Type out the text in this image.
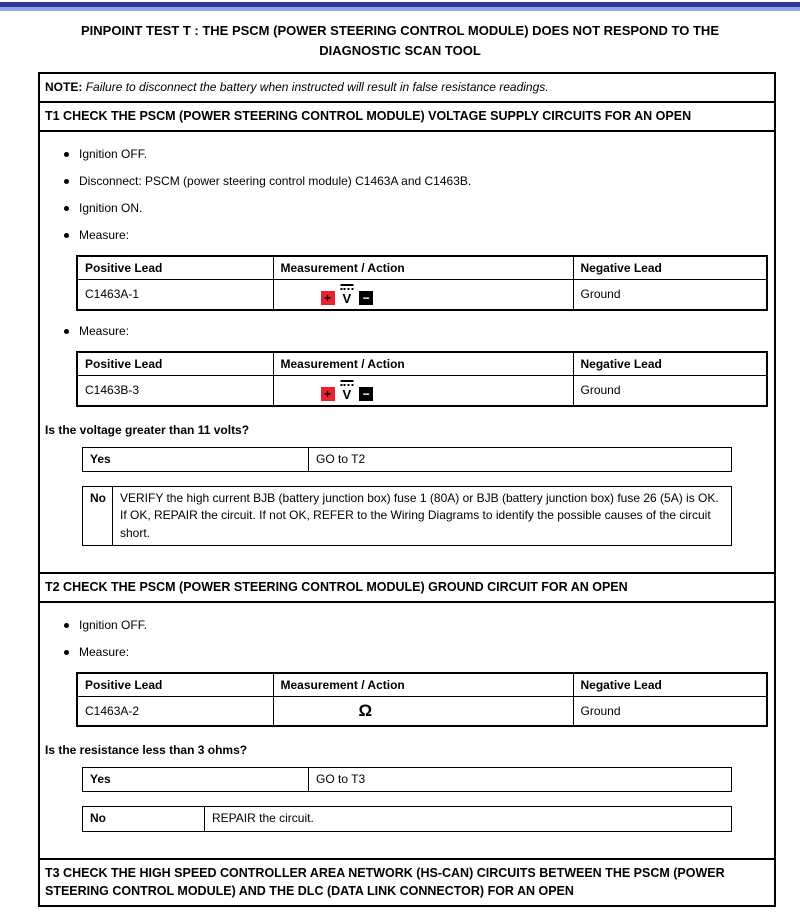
PINPOINT TEST T : THE PSCM (POWER STEERING CONTROL MODULE) DOES NOT RESPOND TO THE DIAGNOSTIC SCAN TOOL
NOTE: Failure to disconnect the battery when instructed will result in false resistance readings.
T1 CHECK THE PSCM (POWER STEERING CONTROL MODULE) VOLTAGE SUPPLY CIRCUITS FOR AN OPEN
Ignition OFF.
Disconnect: PSCM (power steering control module) C1463A and C1463B.
Ignition ON.
Measure:
Positive Lead	Measurement / Action	Negative Lead
C1463A-1	+ V −	Ground
Measure:
Positive Lead	Measurement / Action	Negative Lead
C1463B-3	+ V −	Ground
Is the voltage greater than 11 volts?
Yes	GO to T2
No	VERIFY the high current BJB (battery junction box) fuse 1 (80A) or BJB (battery junction box) fuse 26 (5A) is OK. If OK, REPAIR the circuit. If not OK, REFER to the Wiring Diagrams to identify the possible causes of the circuit short.
T2 CHECK THE PSCM (POWER STEERING CONTROL MODULE) GROUND CIRCUIT FOR AN OPEN
Ignition OFF.
Measure:
Positive Lead	Measurement / Action	Negative Lead
C1463A-2	Ω	Ground
Is the resistance less than 3 ohms?
Yes	GO to T3
No	REPAIR the circuit.
T3 CHECK THE HIGH SPEED CONTROLLER AREA NETWORK (HS-CAN) CIRCUITS BETWEEN THE PSCM (POWER STEERING CONTROL MODULE) AND THE DLC (DATA LINK CONNECTOR) FOR AN OPEN
